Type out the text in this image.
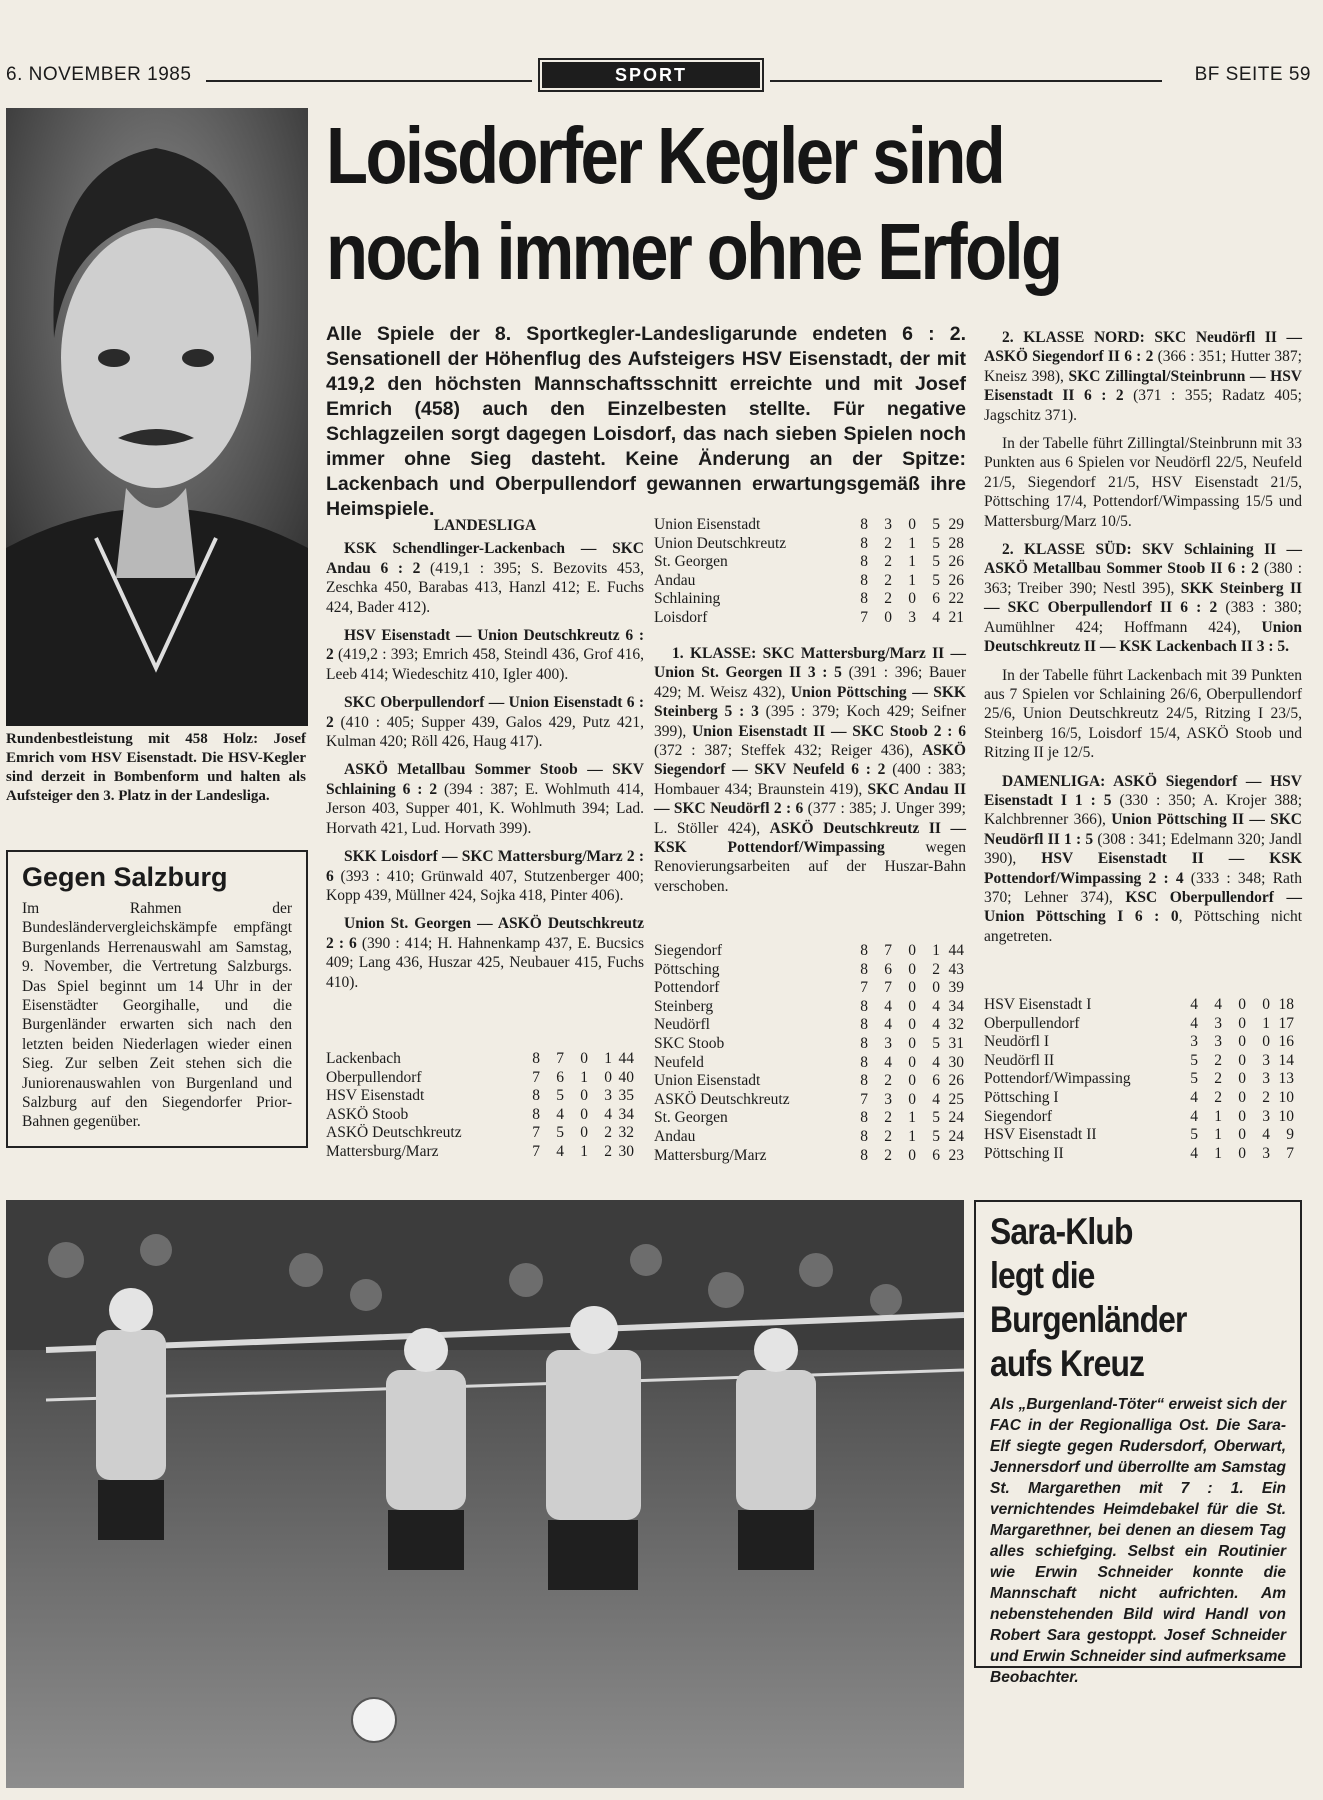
6. NOVEMBER 1985	SPORT	BF SEITE 59
Loisdorfer Kegler sind
noch immer ohne Erfolg
Alle Spiele der 8. Sportkegler-Landesligarunde endeten 6 : 2. Sensationell der Höhenflug des Aufsteigers HSV Eisenstadt, der mit 419,2 den höchsten Mannschaftsschnitt erreichte und mit Josef Emrich (458) auch den Einzelbesten stellte. Für negative Schlagzeilen sorgt dagegen Loisdorf, das nach sieben Spielen noch immer ohne Sieg dasteht. Keine Änderung an der Spitze: Lackenbach und Oberpullendorf gewannen erwartungsgemäß ihre Heimspiele.
Rundenbestleistung mit 458 Holz: Josef Emrich vom HSV Eisenstadt. Die HSV-Kegler sind derzeit in Bombenform und halten als Aufsteiger den 3. Platz in der Landesliga.
Gegen Salzburg
Im Rahmen der Bundesländervergleichskämpfe empfängt Burgenlands Herrenauswahl am Samstag, 9. November, die Vertretung Salzburgs. Das Spiel beginnt um 14 Uhr in der Eisenstädter Georgihalle, und die Burgenländer erwarten sich nach den letzten beiden Niederlagen wieder einen Sieg. Zur selben Zeit stehen sich die Juniorenauswahlen von Burgenland und Salzburg auf den Siegendorfer Prior-Bahnen gegenüber.
LANDESLIGA

KSK Schendlinger-Lackenbach — SKC Andau 6 : 2 (419,1 : 395; S. Bezovits 453, Zeschka 450, Barabas 413, Hanzl 412; E. Fuchs 424, Bader 412).

HSV Eisenstadt — Union Deutschkreutz 6 : 2 (419,2 : 393; Emrich 458, Steindl 436, Grof 416, Leeb 414; Wiedeschitz 410, Igler 400).

SKC Oberpullendorf — Union Eisenstadt 6 : 2 (410 : 405; Supper 439, Galos 429, Putz 421, Kulman 420; Röll 426, Haug 417).

ASKÖ Metallbau Sommer Stoob — SKV Schlaining 6 : 2 (394 : 387; E. Wohlmuth 414, Jerson 403, Supper 401, K. Wohlmuth 394; Lad. Horvath 421, Lud. Horvath 399).

SKK Loisdorf — SKC Mattersburg/Marz 2 : 6 (393 : 410; Grünwald 407, Stutzenberger 400; Kopp 439, Müllner 424, Sojka 418, Pinter 406).

Union St. Georgen — ASKÖ Deutschkreutz 2 : 6 (390 : 414; H. Hahnenkamp 437, E. Bucsics 409; Lang 436, Huszar 425, Neubauer 415, Fuchs 410).

Lackenbach	8	7	0	1	44
Oberpullendorf	7	6	1	0	40
HSV Eisenstadt	8	5	0	3	35
ASKÖ Stoob	8	4	0	4	34
ASKÖ Deutschkreutz	7	5	0	2	32
Mattersburg/Marz	7	4	1	2	30
Union Eisenstadt	8	3	0	5	29
Union Deutschkreutz	8	2	1	5	28
St. Georgen	8	2	1	5	26
Andau	8	2	1	5	26
Schlaining	8	2	0	6	22
Loisdorf	7	0	3	4	21

1. KLASSE: SKC Mattersburg/Marz II — Union St. Georgen II 3 : 5 (391 : 396; Bauer 429; M. Weisz 432), Union Pöttsching — SKK Steinberg 5 : 3 (395 : 379; Koch 429; Seifner 399), Union Eisenstadt II — SKC Stoob 2 : 6 (372 : 387; Steffek 432; Reiger 436), ASKÖ Siegendorf — SKV Neufeld 6 : 2 (400 : 383; Hombauer 434; Braunstein 419), SKC Andau II — SKC Neudörfl 2 : 6 (377 : 385; J. Unger 399; L. Stöller 424), ASKÖ Deutschkreutz II — KSK Pottendorf/Wimpassing wegen Renovierungsarbeiten auf der Huszar-Bahn verschoben.

Siegendorf	8	7	0	1	44
Pöttsching	8	6	0	2	43
Pottendorf	7	7	0	0	39
Steinberg	8	4	0	4	34
Neudörfl	8	4	0	4	32
SKC Stoob	8	3	0	5	31
Neufeld	8	4	0	4	30
Union Eisenstadt	8	2	0	6	26
ASKÖ Deutschkreutz	7	3	0	4	25
St. Georgen	8	2	1	5	24
Andau	8	2	1	5	24
Mattersburg/Marz	8	2	0	6	23

2. KLASSE NORD: SKC Neudörfl II — ASKÖ Siegendorf II 6 : 2 (366 : 351; Hutter 387; Kneisz 398), SKC Zillingtal/Steinbrunn — HSV Eisenstadt II 6 : 2 (371 : 355; Radatz 405; Jagschitz 371).

In der Tabelle führt Zillingtal/Steinbrunn mit 33 Punkten aus 6 Spielen vor Neudörfl 22/5, Neufeld 21/5, Siegendorf 21/5, HSV Eisenstadt 21/5, Pöttsching 17/4, Pottendorf/Wimpassing 15/5 und Mattersburg/Marz 10/5.

2. KLASSE SÜD: SKV Schlaining II — ASKÖ Metallbau Sommer Stoob II 6 : 2 (380 : 363; Treiber 390; Nestl 395), SKK Steinberg II — SKC Oberpullendorf II 6 : 2 (383 : 380; Aumühlner 424; Hoffmann 424), Union Deutschkreutz II — KSK Lackenbach II 3 : 5.

In der Tabelle führt Lackenbach mit 39 Punkten aus 7 Spielen vor Schlaining 26/6, Oberpullendorf 25/6, Union Deutschkreutz 24/5, Ritzing I 23/5, Steinberg 16/5, Loisdorf 15/4, ASKÖ Stoob und Ritzing II je 12/5.

DAMENLIGA: ASKÖ Siegendorf — HSV Eisenstadt I 1 : 5 (330 : 350; A. Krojer 388; Kalchbrenner 366), Union Pöttsching II — SKC Neudörfl II 1 : 5 (308 : 341; Edelmann 320; Jandl 390), HSV Eisenstadt II — KSK Pottendorf/Wimpassing 2 : 4 (333 : 348; Rath 370; Lehner 374), KSC Oberpullendorf — Union Pöttsching I 6 : 0, Pöttsching nicht angetreten.

HSV Eisenstadt I	4	4	0	0	18
Oberpullendorf	4	3	0	1	17
Neudörfl I	3	3	0	0	16
Neudörfl II	5	2	0	3	14
Pottendorf/Wimpassing	5	2	0	3	13
Pöttsching I	4	2	0	2	10
Siegendorf	4	1	0	3	10
HSV Eisenstadt II	5	1	0	4	9
Pöttsching II	4	1	0	3	7
Sara-Klub
legt die
Burgenländer
aufs Kreuz
Als „Burgenland-Töter“ erweist sich der FAC in der Regionalliga Ost. Die Sara-Elf siegte gegen Rudersdorf, Oberwart, Jennersdorf und überrollte am Samstag St. Margarethen mit 7 : 1. Ein vernichtendes Heimdebakel für die St. Margarethner, bei denen an diesem Tag alles schiefging. Selbst ein Routinier wie Erwin Schneider konnte die Mannschaft nicht aufrichten. Am nebenstehenden Bild wird Handl von Robert Sara gestoppt. Josef Schneider und Erwin Schneider sind aufmerksame Beobachter.
